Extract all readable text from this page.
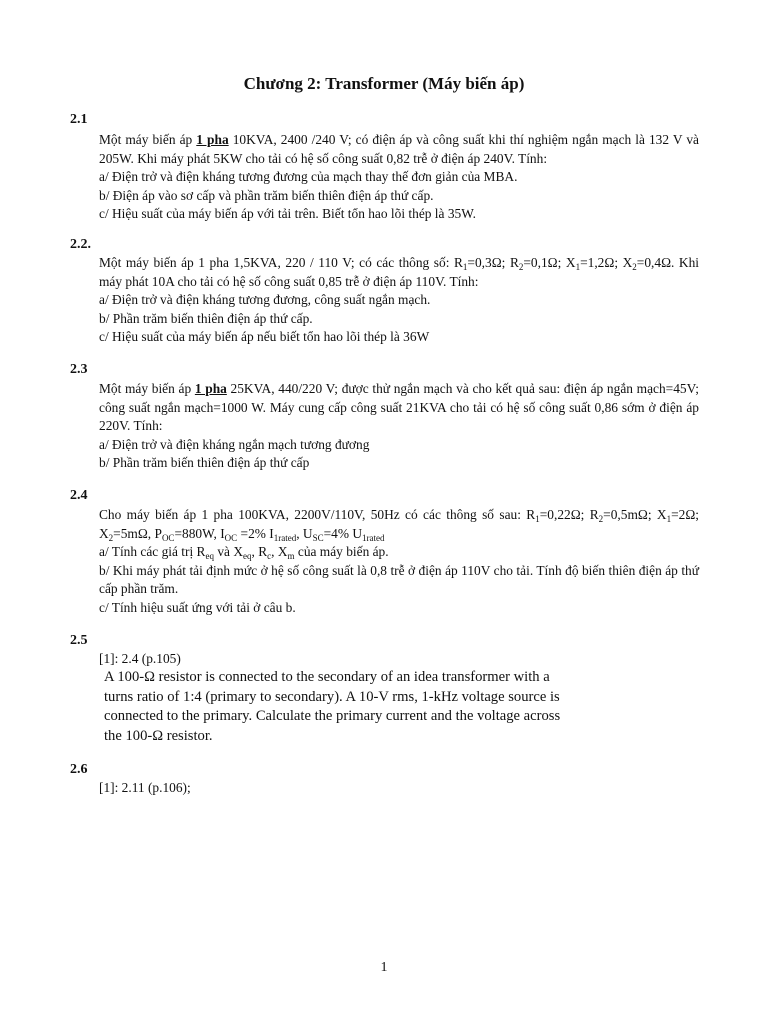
Chương 2: Transformer (Máy biến áp)
2.1

Một máy biến áp 1 pha 10KVA, 2400 /240 V; có điện áp và công suất khi thí nghiệm ngắn mạch là 132 V và 205W. Khi máy phát 5KW cho tải có hệ số công suất 0,82 trễ ở điện áp 240V. Tính:

a/ Điện trở và điện kháng tương đương của mạch thay thế đơn giản của MBA.

b/ Điện áp vào sơ cấp và phần trăm biến thiên điện áp thứ cấp.

c/ Hiệu suất của máy biến áp với tải trên. Biết tổn hao lõi thép là 35W.

2.2.

Một máy biến áp 1 pha 1,5KVA, 220 / 110 V; có các thông số: $R_1=0,3\Omega$; $R_2=0,1\Omega$; $X_1=1,2\Omega$; $X_2=0,4\Omega$. Khi máy phát 10A cho tải có hệ số công suất 0,85 trễ ở điện áp 110V. Tính:

a/ Điện trở và điện kháng tương đương, công suất ngắn mạch.

b/ Phần trăm biến thiên điện áp thứ cấp.

c/ Hiệu suất của máy biến áp nếu biết tổn hao lõi thép là 36W

2.3

Một máy biến áp 1 pha 25KVA, 440/220 V; được thử ngắn mạch và cho kết quả sau: điện áp ngắn mạch=45V; công suất ngắn mạch=1000 W. Máy cung cấp công suất 21KVA cho tải có hệ số công suất 0,86 sớm ở điện áp 220V. Tính:

a/ Điện trở và điện kháng ngắn mạch tương đương

b/ Phần trăm biến thiên điện áp thứ cấp

2.4

Cho máy biến áp 1 pha 100KVA, 2200V/110V, 50Hz có các thông số sau: $R_1=0,22\Omega$; $R_2=0,5m\Omega$; $X_1=2\Omega$; $X_2=5m\Omega$, $P_{OC}=880W$, $I_{OC} =2\%$ $I_{1rated}$, $U_{SC}=4\%$ $U_{1rated}$

a/ Tính các giá trị $R_{eq}$ và $X_{eq}$, $R_c$, $X_m$ của máy biến áp.

b/ Khi máy phát tải định mức ở hệ số công suất là 0,8 trễ ở điện áp 110V cho tải. Tính độ biến thiên điện áp thứ cấp phần trăm.

c/ Tính hiệu suất ứng với tải ở câu b.

2.5
[1]: 2.4 (p.105)

A 100-Ω resistor is connected to the secondary of an idea transformer with a

turns ratio of 1:4 (primary to secondary). A 10-V rms, 1-kHz voltage source is

connected to the primary. Calculate the primary current and the voltage across

the 100-Ω resistor.

2.6
[1]: 2.11 (p.106);
1
